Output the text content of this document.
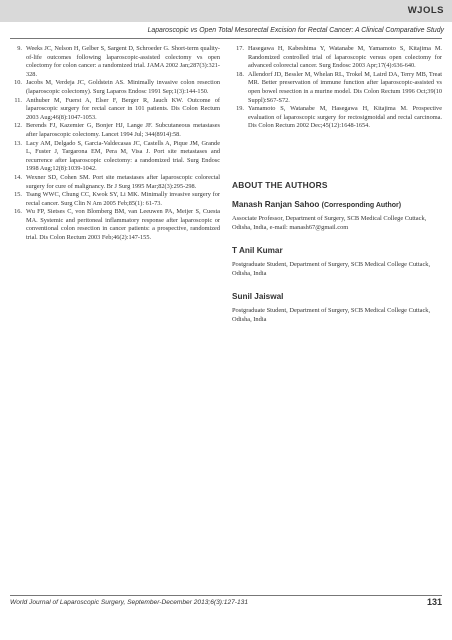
WJOLS
Laparoscopic vs Open Total Mesorectal Excision for Rectal Cancer: A Clinical Comparative Study
9. Weeks JC, Nelson H, Gelber S, Sargent D, Schroeder G. Short-term quality-of-life outcomes following laparoscopic-assisted colectomy vs open colectomy for colon cancer: a randomized trial. JAMA 2002 Jan;287(3):321-328.
10. Jacobs M, Verdeja JC, Goldstein AS. Minimally invasive colon resection (laparoscopic colectomy). Surg Laparos Endosc 1991 Sep;1(3):144-150.
11. Anthuber M, Fuerst A, Elser F, Berger R, Jauch KW. Outcome of laparoscopic surgery for rectal cancer in 101 patients. Dis Colon Rectum 2003 Aug;46(8):1047-1053.
12. Berends FJ, Kazemier G, Bonjer HJ, Lange JF. Subcutaneous metastases after laparoscopic colectomy. Lancet 1994 Jul; 344(8914):58.
13. Lacy AM, Delgado S, Garcia-Valdecasas JC, Castells A, Pique JM, Grande L, Fuster J, Targarona EM, Pera M, Visa J. Port site metastases and recurrence after laparoscopic colectomy: a randomized trial. Surg Endosc 1998 Aug;12(8):1039-1042.
14. Wexner SD, Cohen SM. Port site metastases after laparoscopic colorectal surgery for cure of malignancy. Br J Surg 1995 Mar;82(3):295-298.
15. Tsang WWC, Chung CC, Kwok SY, Li MK. Minimally invasive surgery for rectal cancer. Surg Clin N Am 2005 Feb;85(1): 61-73.
16. Wu FP, Sietses C, von Blomberg BM, van Leeuwen PA, Meijer S, Cuesta MA. Systemic and peritoneal inflammatory response after laparoscopic or conventional colon resection in cancer patients: a prospective, randomized trial. Dis Colon Rectum 2003 Feb;46(2):147-155.
17. Hasegawa H, Kabeshima Y, Watanabe M, Yamamoto S, Kitajima M. Randomized controlled trial of laparoscopic versus open colectomy for advanced colorectal cancer. Surg Endosc 2003 Apr;17(4):636-640.
18. Allendorf JD, Bessler M, Whelan RL, Trokel M, Laird DA, Terry MB, Treat MR. Better preservation of immune function after laparoscopic-assisted vs open bowel resection in a murine model. Dis Colon Rectum 1996 Oct;39(10 Suppl):S67-S72.
19. Yamamoto S, Watanabe M, Hasegawa H, Kitajima M. Prospective evaluation of laparoscopic surgery for rectosigmoidal and rectal carcinoma. Dis Colon Rectum 2002 Dec;45(12):1648-1654.
ABOUT THE AUTHORS

Manash Ranjan Sahoo (Corresponding Author)

Associate Professor, Department of Surgery, SCB Medical College Cuttack, Odisha, India, e-mail: manash67@gmail.com

T Anil Kumar

Postgraduate Student, Department of Surgery, SCB Medical College Cuttack, Odisha, India

Sunil Jaiswal

Postgraduate Student, Department of Surgery, SCB Medical College Cuttack, Odisha, India

World Journal of Laparoscopic Surgery, September-December 2013;6(3):127-131	131
